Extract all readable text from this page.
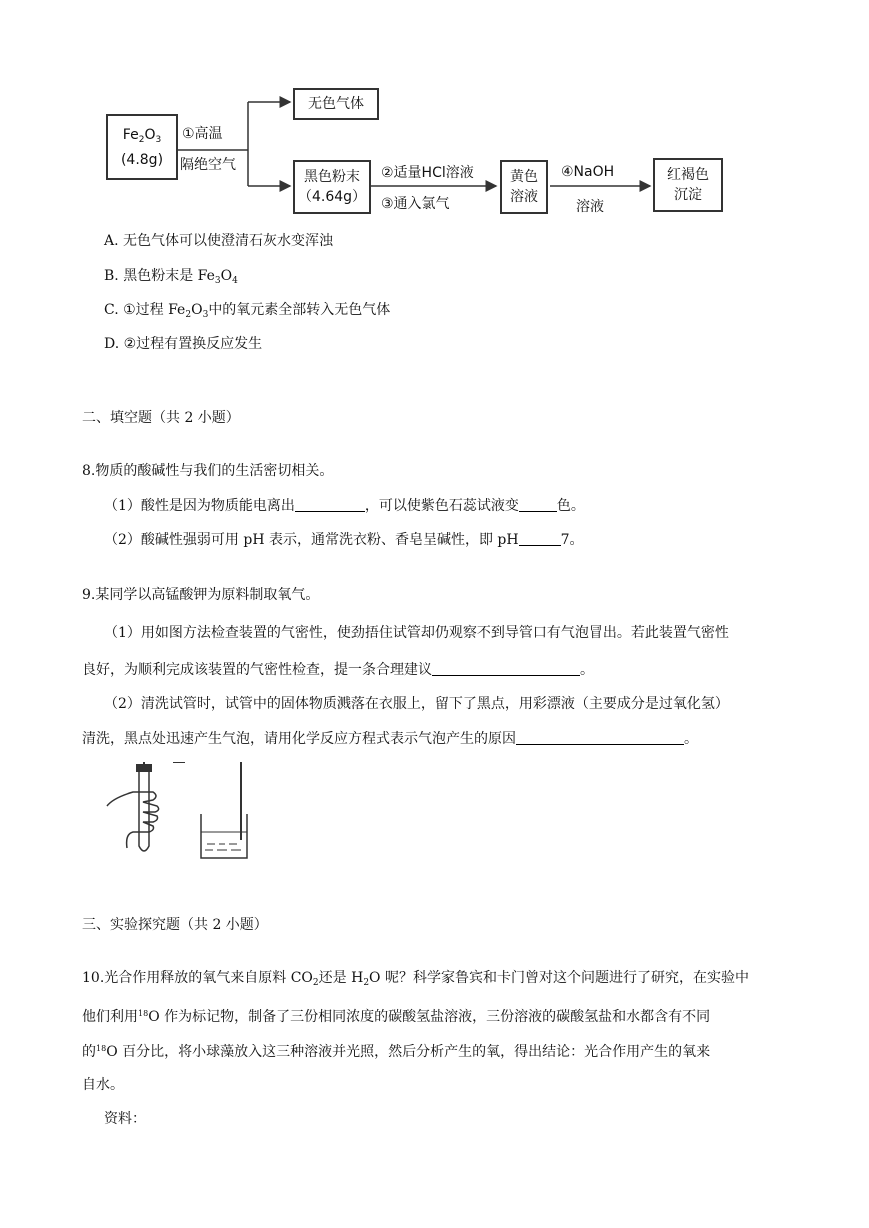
$Fe_2O_3$
(4.8g)
①高温
隔绝空气
无色气体
黑色粉末
（4.64g）
②适量HCl溶液
③通入氯气
黄色
溶液
④NaOH
溶液
红褐色
沉淀
A. 无色气体可以使澄清石灰水变浑浊
B. 黑色粉末是 $Fe_3O_4$
C. ①过程 $Fe_2O_3$中的氧元素全部转入无色气体
D. ②过程有置换反应发生
二、填空题（共 2 小题）
8.物质的酸碱性与我们的生活密切相关。
（1）酸性是因为物质能电离出	，可以使紫色石蕊试液变	色。
（2）酸碱性强弱可用 pH 表示，通常洗衣粉、香皂呈碱性，即 pH	7。
9.某同学以高锰酸钾为原料制取氧气。
（1）用如图方法检查装置的气密性，使劲捂住试管却仍观察不到导管口有气泡冒出。若此装置气密性
良好，为顺利完成该装置的气密性检查，提一条合理建议	。
（2）清洗试管时，试管中的固体物质溅落在衣服上，留下了黑点，用彩漂液（主要成分是过氧化氢）
清洗，黑点处迅速产生气泡，请用化学反应方程式表示气泡产生的原因	。
三、实验探究题（共 2 小题）
10.光合作用释放的氧气来自原料 $CO_2$还是 $H_2O$ 呢？科学家鲁宾和卡门曾对这个问题进行了研究，在实验中
他们利用$^{18}$O 作为标记物，制备了三份相同浓度的碳酸氢盐溶液，三份溶液的碳酸氢盐和水都含有不同
的$^{18}$O 百分比，将小球藻放入这三种溶液并光照，然后分析产生的氧，得出结论：光合作用产生的氧来
自水。
资料：
